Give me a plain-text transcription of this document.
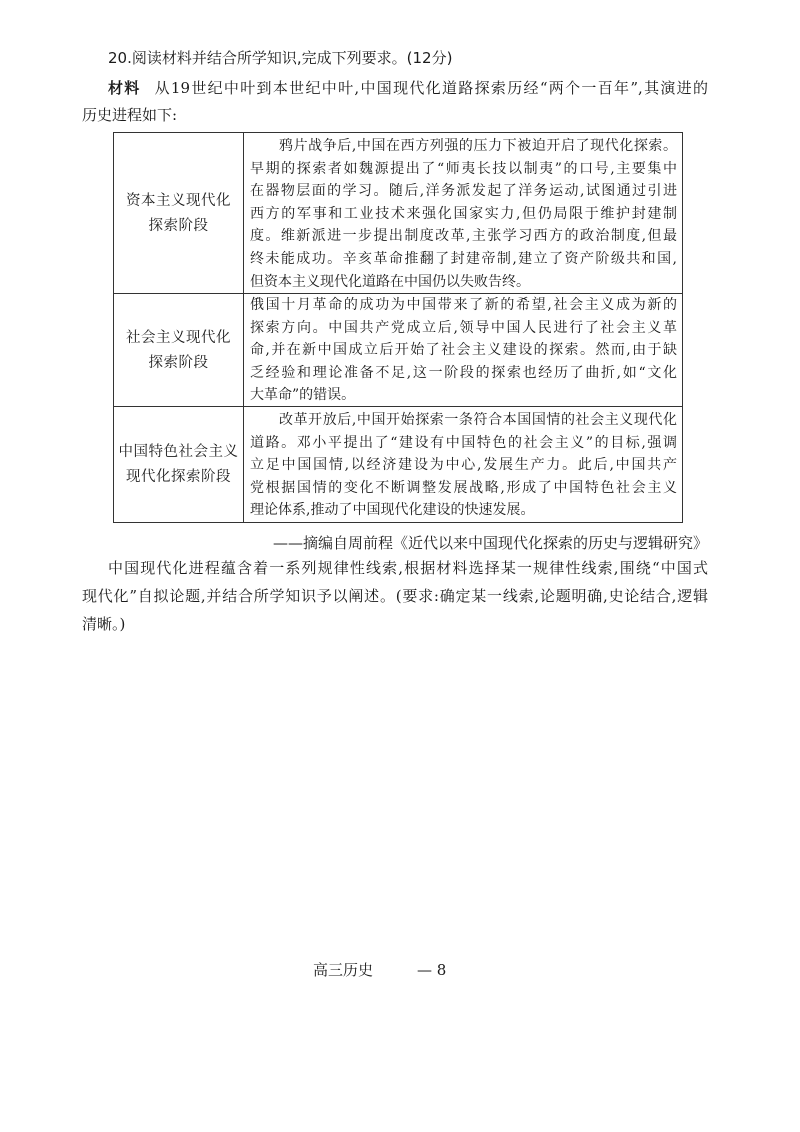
20.阅读材料并结合所学知识,完成下列要求。(12分)
材料 从19世纪中叶到本世纪中叶,中国现代化道路探索历经“两个一百年”,其演进的
历史进程如下:
资本主义现代化
探索阶段
鸦片战争后,中国在西方列强的压力下被迫开启了现代化探索。
早期的探索者如魏源提出了“师夷长技以制夷”的口号,主要集中
在器物层面的学习。随后,洋务派发起了洋务运动,试图通过引进
西方的军事和工业技术来强化国家实力,但仍局限于维护封建制
度。维新派进一步提出制度改革,主张学习西方的政治制度,但最
终未能成功。辛亥革命推翻了封建帝制,建立了资产阶级共和国,
但资本主义现代化道路在中国仍以失败告终。
社会主义现代化
探索阶段
俄国十月革命的成功为中国带来了新的希望,社会主义成为新的
探索方向。中国共产党成立后,领导中国人民进行了社会主义革
命,并在新中国成立后开始了社会主义建设的探索。然而,由于缺
乏经验和理论准备不足,这一阶段的探索也经历了曲折,如“文化
大革命”的错误。
中国特色社会主义
现代化探索阶段
改革开放后,中国开始探索一条符合本国国情的社会主义现代化
道路。邓小平提出了“建设有中国特色的社会主义”的目标,强调
立足中国国情,以经济建设为中心,发展生产力。此后,中国共产
党根据国情的变化不断调整发展战略,形成了中国特色社会主义
理论体系,推动了中国现代化建设的快速发展。
——摘编自周前程《近代以来中国现代化探索的历史与逻辑研究》
中国现代化进程蕴含着一系列规律性线索,根据材料选择某一规律性线索,围绕“中国式
现代化”自拟论题,并结合所学知识予以阐述。(要求:确定某一线索,论题明确,史论结合,逻辑
清晰。)
高三历史	— 8
